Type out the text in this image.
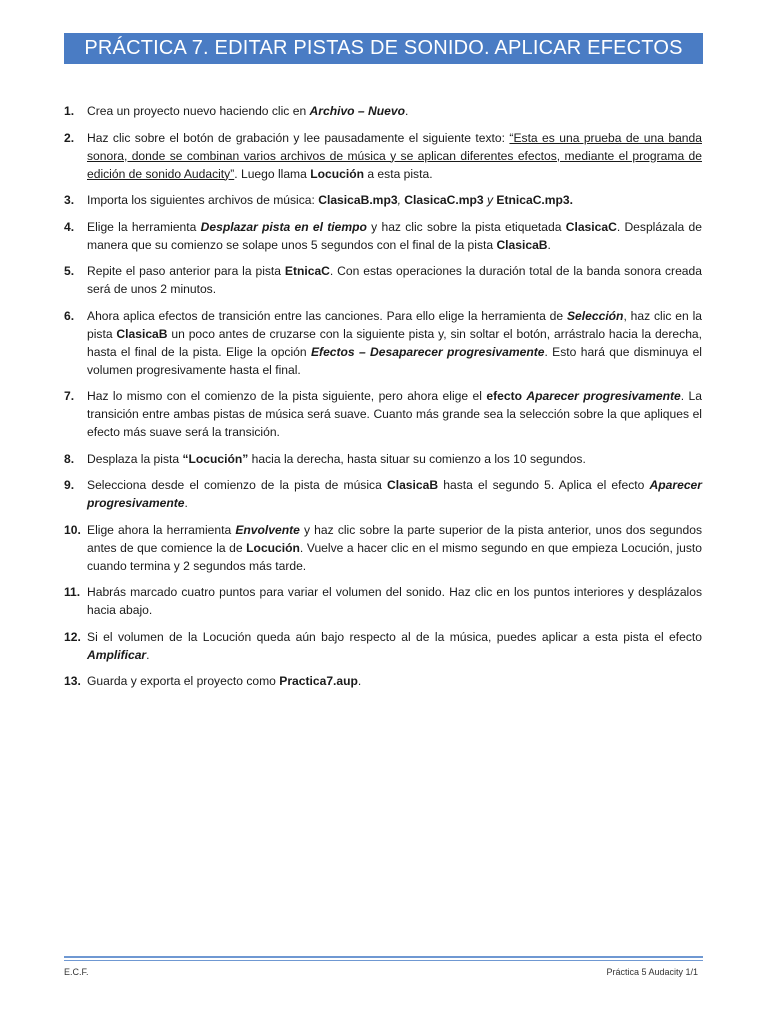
PRÁCTICA 7. EDITAR PISTAS DE SONIDO. APLICAR EFECTOS
1. Crea un proyecto nuevo haciendo clic en Archivo – Nuevo.
2. Haz clic sobre el botón de grabación y lee pausadamente el siguiente texto: “Esta es una prueba de una banda sonora, donde se combinan varios archivos de música y se aplican diferentes efectos, mediante el programa de edición de sonido Audacity”. Luego llama Locución a esta pista.
3. Importa los siguientes archivos de música: ClasicaB.mp3, ClasicaC.mp3 y EtnicaC.mp3.
4. Elige la herramienta Desplazar pista en el tiempo y haz clic sobre la pista etiquetada ClasicaC. Desplázala de manera que su comienzo se solape unos 5 segundos con el final de la pista ClasicaB.
5. Repite el paso anterior para la pista EtnicaC. Con estas operaciones la duración total de la banda sonora creada será de unos 2 minutos.
6. Ahora aplica efectos de transición entre las canciones. Para ello elige la herramienta de Selección, haz clic en la pista ClasicaB un poco antes de cruzarse con la siguiente pista y, sin soltar el botón, arrástralo hacia la derecha, hasta el final de la pista. Elige la opción Efectos – Desaparecer progresivamente. Esto hará que disminuya el volumen progresivamente hasta el final.
7. Haz lo mismo con el comienzo de la pista siguiente, pero ahora elige el efecto Aparecer progresivamente. La transición entre ambas pistas de música será suave. Cuanto más grande sea la selección sobre la que apliques el efecto más suave será la transición.
8. Desplaza la pista “Locución” hacia la derecha, hasta situar su comienzo a los 10 segundos.
9. Selecciona desde el comienzo de la pista de música ClasicaB hasta el segundo 5. Aplica el efecto Aparecer progresivamente.
10. Elige ahora la herramienta Envolvente y haz clic sobre la parte superior de la pista anterior, unos dos segundos antes de que comience la de Locución. Vuelve a hacer clic en el mismo segundo en que empieza Locución, justo cuando termina y 2 segundos más tarde.
11. Habrás marcado cuatro puntos para variar el volumen del sonido. Haz clic en los puntos interiores y desplázalos hacia abajo.
12. Si el volumen de la Locución queda aún bajo respecto al de la música, puedes aplicar a esta pista el efecto Amplificar.
13. Guarda y exporta el proyecto como Practica7.aup.
E.C.F.	Práctica 5 Audacity 1/1
